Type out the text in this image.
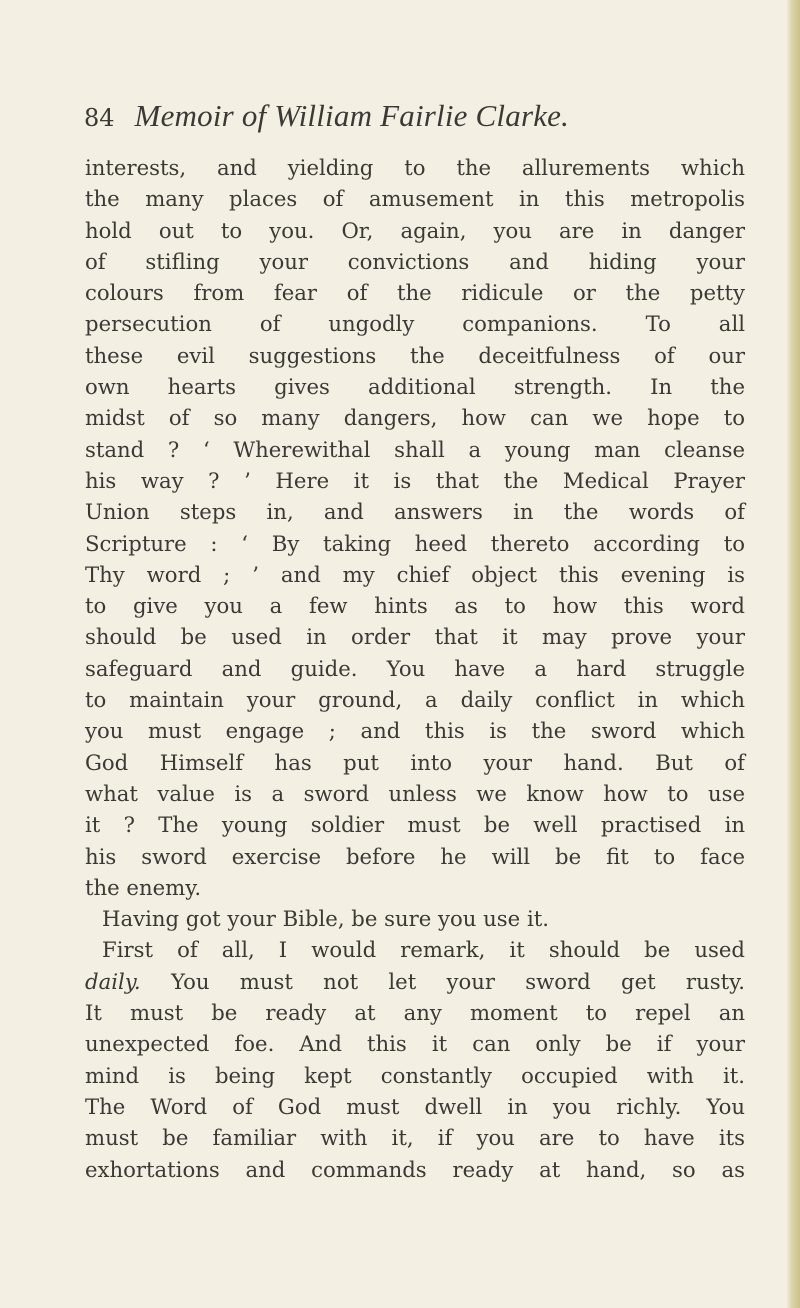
84 Memoir of William Fairlie Clarke.
interests, and yielding to the allurements which
the many places of amusement in this metropolis
hold out to you. Or, again, you are in danger
of stifling your convictions and hiding your
colours from fear of the ridicule or the petty
persecution of ungodly companions. To all
these evil suggestions the deceitfulness of our
own hearts gives additional strength. In the
midst of so many dangers, how can we hope to
stand ? ‘ Wherewithal shall a young man cleanse
his way ? ’ Here it is that the Medical Prayer
Union steps in, and answers in the words of
Scripture : ‘ By taking heed thereto according to
Thy word ; ’ and my chief object this evening is
to give you a few hints as to how this word
should be used in order that it may prove your
safeguard and guide. You have a hard struggle
to maintain your ground, a daily conflict in which
you must engage ; and this is the sword which
God Himself has put into your hand. But of
what value is a sword unless we know how to use
it ? The young soldier must be well practised in
his sword exercise before he will be fit to face
the enemy.
Having got your Bible, be sure you use it.
First of all, I would remark, it should be used
daily. You must not let your sword get rusty.
It must be ready at any moment to repel an
unexpected foe. And this it can only be if your
mind is being kept constantly occupied with it.
The Word of God must dwell in you richly. You
must be familiar with it, if you are to have its
exhortations and commands ready at hand, so as
